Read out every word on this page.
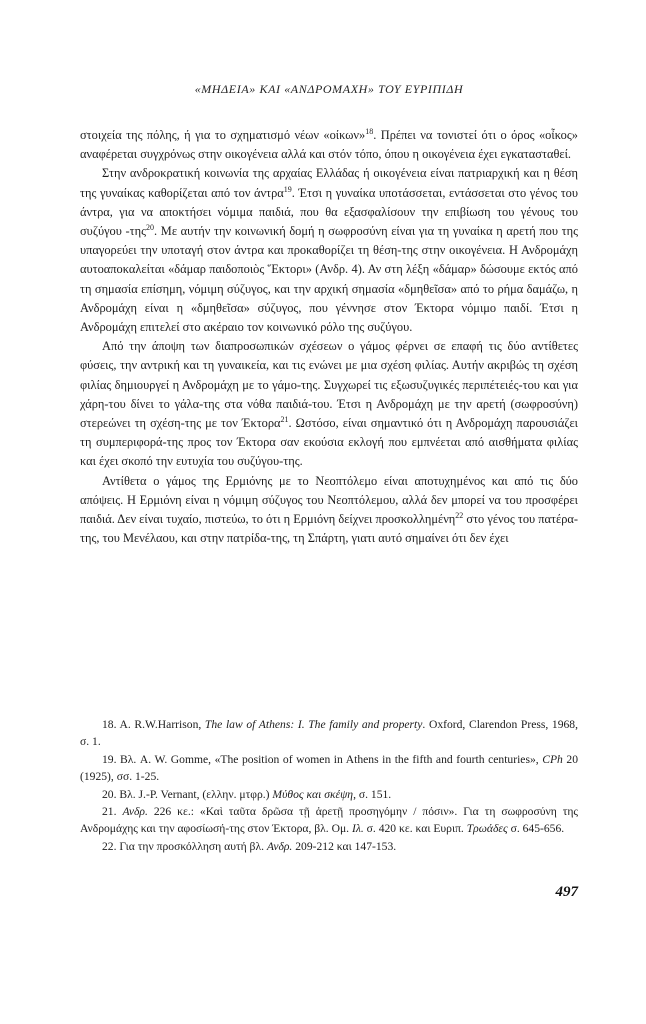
«ΜΗΔΕΙΑ» ΚΑΙ «ΑΝΔΡΟΜΑΧΗ» ΤΟΥ ΕΥΡΙΠΙΔΗ

στοιχεία της πόλης, ή για το σχηματισμό νέων «οίκων»$^{18}$. Πρέπει να τονιστεί ότι ο όρος «οἶκος» αναφέρεται συγχρόνως στην οικογένεια αλλά και στόν τόπο, όπου η οικογένεια έχει εγκατασταθεί.

Στην ανδροκρατική κοινωνία της αρχαίας Ελλάδας ή οικογένεια είναι πατριαρχική και η θέση της γυναίκας καθορίζεται από τον άντρα$^{19}$. Έτσι η γυναίκα υποτάσσεται, εντάσσεται στο γένος του άντρα, για να αποκτήσει νόμιμα παιδιά, που θα εξασφαλίσουν την επιβίωση του γένους του συζύγου -της$^{20}$. Με αυτήν την κοινωνική δομή η σωφροσύνη είναι για τη γυναίκα η αρετή που της υπαγορεύει την υποταγή στον άντρα και προκαθορίζει τη θέση-της στην οικογένεια. Η Ανδρομάχη αυτοαποκαλείται «δάμαρ παιδοποιὸς Ἕκτορι» (Ανδρ. 4). Αν στη λέξη «δάμαρ» δώσουμε εκτός από τη σημασία επίσημη, νόμιμη σύζυγος, και την αρχική σημασία «δμηθεῖσα» από το ρήμα δαμάζω, η Ανδρομάχη είναι η «δμηθεῖσα» σύζυγος, που γέννησε στον Έκτορα νόμιμο παιδί. Έτσι η Ανδρομάχη επιτελεί στο ακέραιο τον κοινωνικό ρόλο της συζύγου.

Από την άποψη των διαπροσωπικών σχέσεων ο γάμος φέρνει σε επαφή τις δύο αντίθετες φύσεις, την αντρική και τη γυναικεία, και τις ενώνει με μια σχέση φιλίας. Αυτήν ακριβώς τη σχέση φιλίας δημιουργεί η Ανδρομάχη με το γάμο-της. Συγχωρεί τις εξωσυζυγικές περιπέτειές-του και για χάρη-του δίνει το γάλα-της στα νόθα παιδιά-του. Έτσι η Ανδρομάχη με την αρετή (σωφροσύνη) στερεώνει τη σχέση-της με τον Έκτορα$^{21}$. Ωστόσο, είναι σημαντικό ότι η Ανδρομάχη παρουσιάζει τη συμπεριφορά-της προς τον Έκτορα σαν εκούσια εκλογή που εμπνέεται από αισθήματα φιλίας και έχει σκοπό την ευτυχία του συζύγου-της.

Αντίθετα ο γάμος της Ερμιόνης με το Νεοπτόλεμο είναι αποτυχημένος και από τις δύο απόψεις. Η Ερμιόνη είναι η νόμιμη σύζυγος του Νεοπτόλεμου, αλλά δεν μπορεί να του προσφέρει παιδιά. Δεν είναι τυχαίο, πιστεύω, το ότι η Ερμιόνη δείχνει προσκολλημένη$^{22}$ στο γένος του πατέρα-της, του Μενέλαου, και στην πατρίδα-της, τη Σπάρτη, γιατι αυτό σημαίνει ότι δεν έχει

18. A. R.W.Harrison, The law of Athens: I. The family and property. Oxford, Clarendon Press, 1968, σ. 1.

19. Βλ. A. W. Gomme, «The position of women in Athens in the fifth and fourth centuries», CPh 20 (1925), σσ. 1-25.

20. Βλ. J.-P. Vernant, (ελλην. μτφρ.) Μύθος και σκέψη, σ. 151.

21. Ανδρ. 226 κε.: «Καὶ ταῦτα δρῶσα τῇ ἀρετῇ προσηγόμην / πόσιν». Για τη σωφροσύνη της Ανδρομάχης και την αφοσίωσή-της στον Έκτορα, βλ. Ομ. Ιλ. σ. 420 κε. και Ευριπ. Τρωάδες σ. 645-656.

22. Για την προσκόλληση αυτή βλ. Ανδρ. 209-212 και 147-153.

497
